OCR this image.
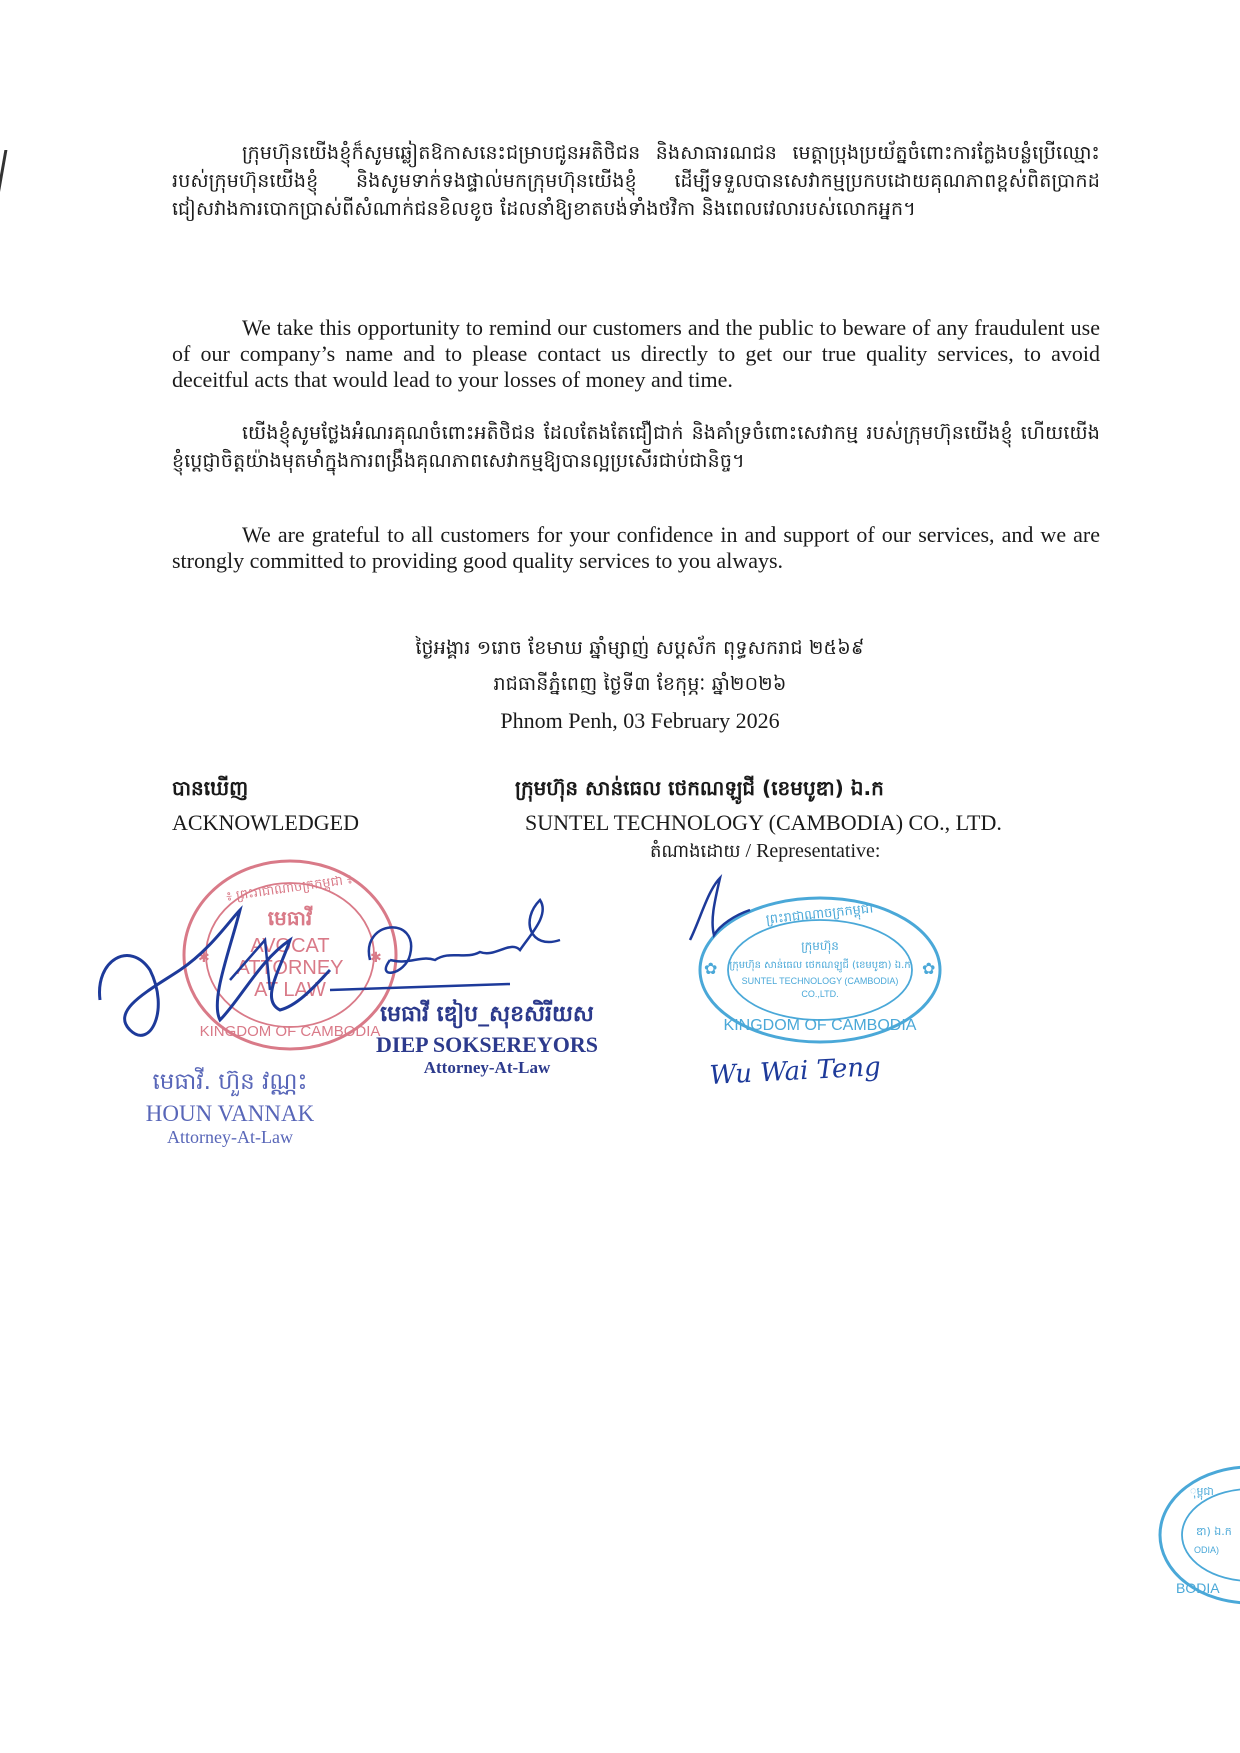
ក្រុមហ៊ុនយើងខ្ញុំក៏សូមឆ្លៀតឱកាសនេះជម្រាបជូនអតិថិជន និងសាធារណជន មេត្តាប្រុងប្រយ័ត្នចំពោះការក្លែងបន្លំប្រើឈ្មោះរបស់ក្រុមហ៊ុនយើងខ្ញុំ និងសូមទាក់ទងផ្ទាល់មកក្រុមហ៊ុនយើងខ្ញុំ ដើម្បីទទួលបានសេវាកម្មប្រកបដោយគុណភាពខ្ពស់ពិតប្រាកដ ជៀសវាងការបោកប្រាស់ពីសំណាក់ជនខិលខូច ដែលនាំឱ្យខាតបង់ទាំងថវិកា និងពេលវេលារបស់លោកអ្នក។

We take this opportunity to remind our customers and the public to beware of any fraudulent use of our company’s name and to please contact us directly to get our true quality services, to avoid deceitful acts that would lead to your losses of money and time.

យើងខ្ញុំសូមថ្លែងអំណរគុណចំពោះអតិថិជន ដែលតែងតែជឿជាក់ និងគាំទ្រចំពោះសេវាកម្ម របស់ក្រុមហ៊ុនយើងខ្ញុំ ហើយយើងខ្ញុំប្តេជ្ញាចិត្តយ៉ាងមុតមាំក្នុងការពង្រឹងគុណភាពសេវាកម្មឱ្យបានល្អប្រសើរជាប់ជានិច្ច។

We are grateful to all customers for your confidence in and support of our services, and we are strongly committed to providing good quality services to you always.

ថ្ងៃអង្គារ ១រោច ខែមាឃ ឆ្នាំម្សាញ់ សប្តស័ក ពុទ្ធសករាជ ២៥៦៩
រាជធានីភ្នំពេញ ថ្ងៃទី៣ ខែកុម្ភៈ ឆ្នាំ២០២៦
Phnom Penh, 03 February 2026
បានឃើញ
ACKNOWLEDGED
ក្រុមហ៊ុន សាន់ធេល ថេកណឡូជី (ខេមបូឌា) ឯ.ក
SUNTEL TECHNOLOGY (CAMBODIA) CO., LTD.
តំណាងដោយ / Representative:
៖ ព្រះរាជាណាចក្រកម្ពុជា ៖
មេធាវី
AVOCAT
ATTORNEY
AT LAW
KINGDOM OF CAMBODIA
✱	✱
មេធាវី ឌៀប_សុខសិរីយស
DIEP SOKSEREYORS
Attorney-At-Law
មេធាវី. ហ៊ួន វណ្ណះ
HOUN VANNAK
Attorney-At-Law
ព្រះរាជាណាចក្រកម្ពុជា
ក្រុមហ៊ុន
ក្រុមហ៊ុន សាន់ធេល ថេកណឡូជី (ខេមបូឌា) ឯ.ក
SUNTEL TECHNOLOGY (CAMBODIA)
CO.,LTD.
KINGDOM OF CAMBODIA
✿	✿
Wu Wai Teng
ុម្ពុជា
ឌា) ឯ.ក
ODIA)
BODIA
